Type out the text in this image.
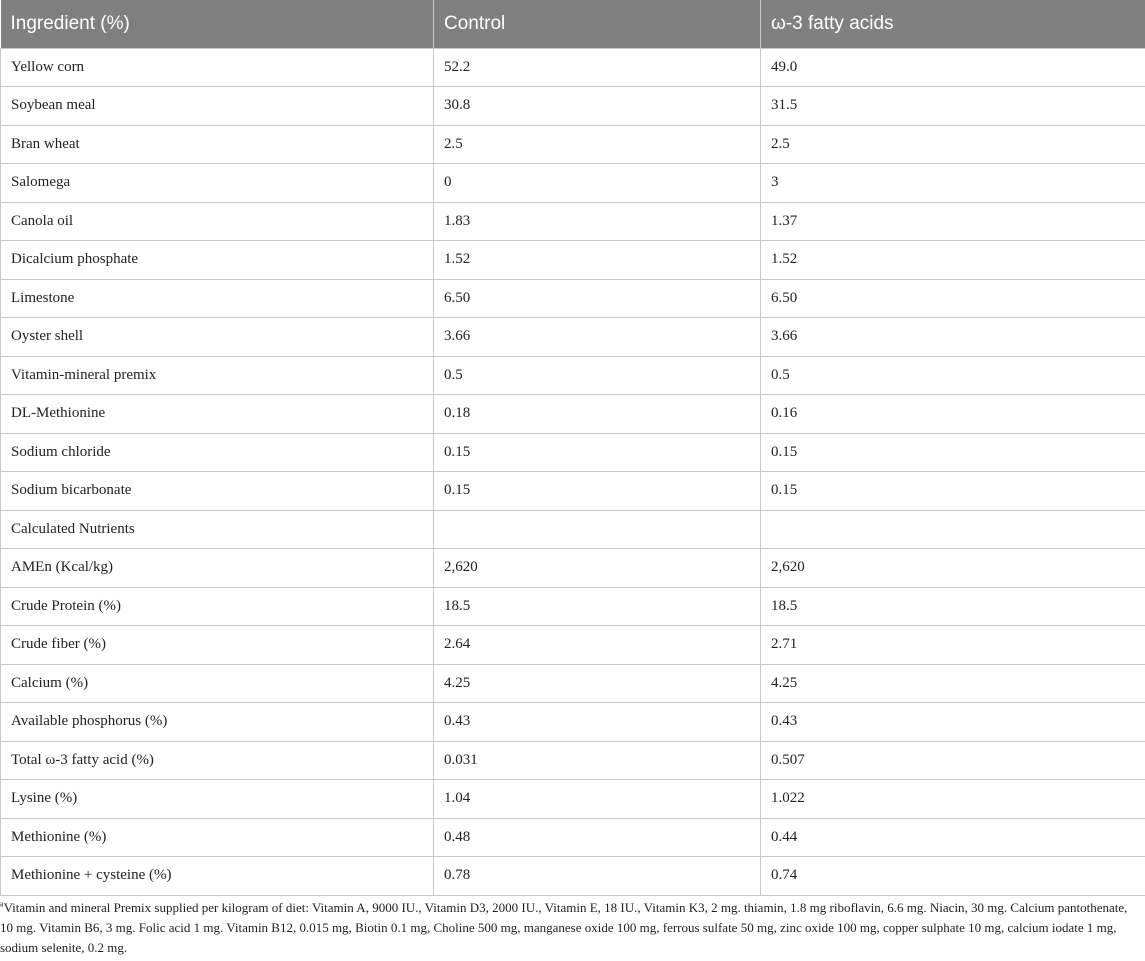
Ingredient (%)	Control	ω-3 fatty acids
Yellow corn	52.2	49.0
Soybean meal	30.8	31.5
Bran wheat	2.5	2.5
Salomega	0	3
Canola oil	1.83	1.37
Dicalcium phosphate	1.52	1.52
Limestone	6.50	6.50
Oyster shell	3.66	3.66
Vitamin-mineral premix	0.5	0.5
DL-Methionine	0.18	0.16
Sodium chloride	0.15	0.15
Sodium bicarbonate	0.15	0.15
Calculated Nutrients		
AMEn (Kcal/kg)	2,620	2,620
Crude Protein (%)	18.5	18.5
Crude fiber (%)	2.64	2.71
Calcium (%)	4.25	4.25
Available phosphorus (%)	0.43	0.43
Total ω-3 fatty acid (%)	0.031	0.507
Lysine (%)	1.04	1.022
Methionine (%)	0.48	0.44
Methionine + cysteine (%)	0.78	0.74
$^a$Vitamin and mineral Premix supplied per kilogram of diet: Vitamin A, 9000 IU., Vitamin D3, 2000 IU., Vitamin E, 18 IU., Vitamin K3, 2 mg. thiamin, 1.8 mg riboflavin, 6.6 mg. Niacin, 30 mg. Calcium pantothenate, 10 mg. Vitamin B6, 3 mg. Folic acid 1 mg. Vitamin B12, 0.015 mg, Biotin 0.1 mg, Choline 500 mg, manganese oxide 100 mg, ferrous sulfate 50 mg, zinc oxide 100 mg, copper sulphate 10 mg, calcium iodate 1 mg, sodium selenite, 0.2 mg.
